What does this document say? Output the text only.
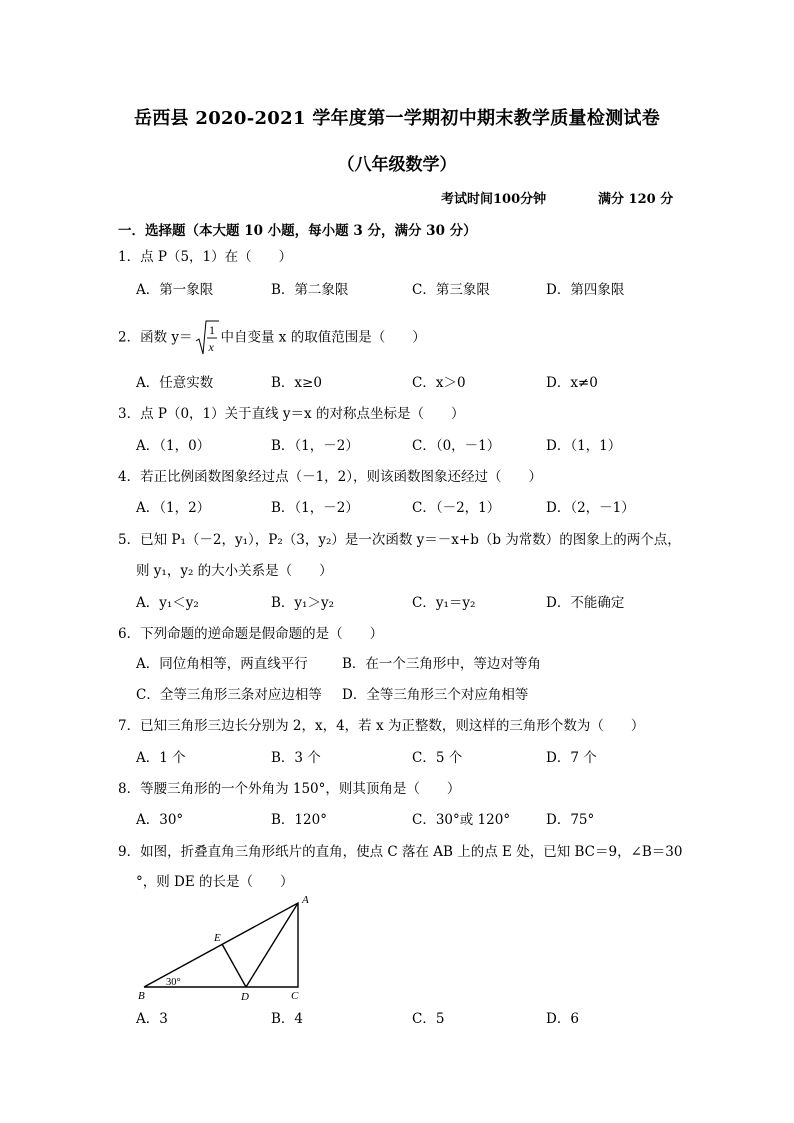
岳西县 2020-2021 学年度第一学期初中期末教学质量检测试卷
（八年级数学）
考试时间100分钟	满分 120 分
一．选择题（本大题 10 小题，每小题 3 分，满分 30 分）
1．点 P（5，1）在（　　）
A．第一象限	B．第二象限	C．第三象限	D．第四象限
2．函数 y＝ 1
x
中自变量 x 的取值范围是（　　）
A．任意实数	B．x≥0	C．x＞0	D．x≠0
3．点 P（0，1）关于直线 y＝x 的对称点坐标是（　　）
A．（1，0）	B．（1，－2）	C．（0，－1）	D．（1，1）
4．若正比例函数图象经过点（－1，2），则该函数图象还经过（　　）
A．（1，2）	B．（1，－2）	C．（－2，1）	D．（2，－1）
5．已知 P₁（－2，y₁），P₂（3，y₂）是一次函数 y＝－x+b（b 为常数）的图象上的两个点，
则 y₁，y₂ 的大小关系是（　　）
A．y₁＜y₂	B．y₁＞y₂	C．y₁＝y₂	D．不能确定
6．下列命题的逆命题是假命题的是（　　）
A．同位角相等，两直线平行	B．在一个三角形中，等边对等角
C．全等三角形三条对应边相等 D．全等三角形三个对应角相等
7．已知三角形三边长分别为 2，x，4，若 x 为正整数，则这样的三角形个数为（　　）
A．1 个	B．3 个	C．5 个	D．7 个
8．等腰三角形的一个外角为 150°，则其顶角是（　　）
A．30°	B．120°	C．30°或 120°	D．75°
9．如图，折叠直角三角形纸片的直角，使点 C 落在 AB 上的点 E 处，已知 BC＝9，∠B＝30
°，则 DE 的长是（　　）
A
E
B	D	C
30°
A．3	B．4	C．5	D．6
